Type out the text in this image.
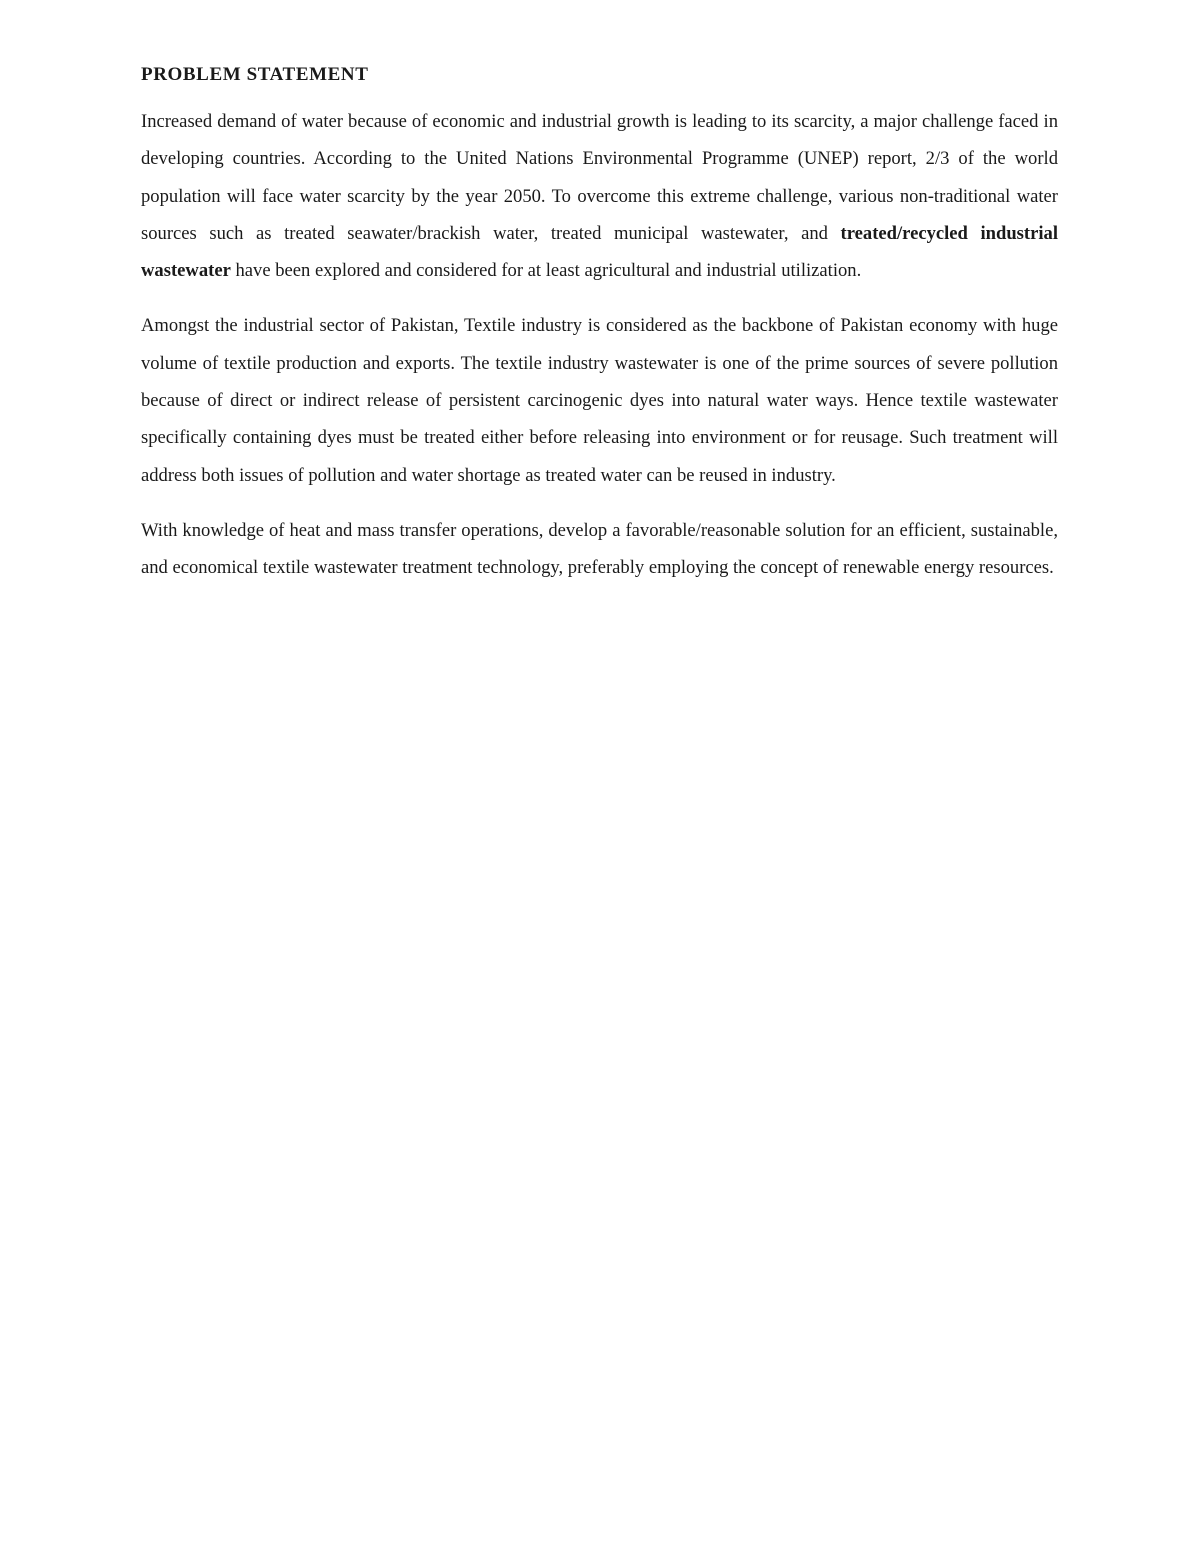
PROBLEM STATEMENT

Increased demand of water because of economic and industrial growth is leading to its scarcity, a major challenge faced in developing countries. According to the United Nations Environmental Programme (UNEP) report, 2/3 of the world population will face water scarcity by the year 2050. To overcome this extreme challenge, various non-traditional water sources such as treated seawater/brackish water, treated municipal wastewater, and treated/recycled industrial wastewater have been explored and considered for at least agricultural and industrial utilization.

Amongst the industrial sector of Pakistan, Textile industry is considered as the backbone of Pakistan economy with huge volume of textile production and exports. The textile industry wastewater is one of the prime sources of severe pollution because of direct or indirect release of persistent carcinogenic dyes into natural water ways. Hence textile wastewater specifically containing dyes must be treated either before releasing into environment or for reusage. Such treatment will address both issues of pollution and water shortage as treated water can be reused in industry.

With knowledge of heat and mass transfer operations, develop a favorable/reasonable solution for an efficient, sustainable, and economical textile wastewater treatment technology, preferably employing the concept of renewable energy resources.
